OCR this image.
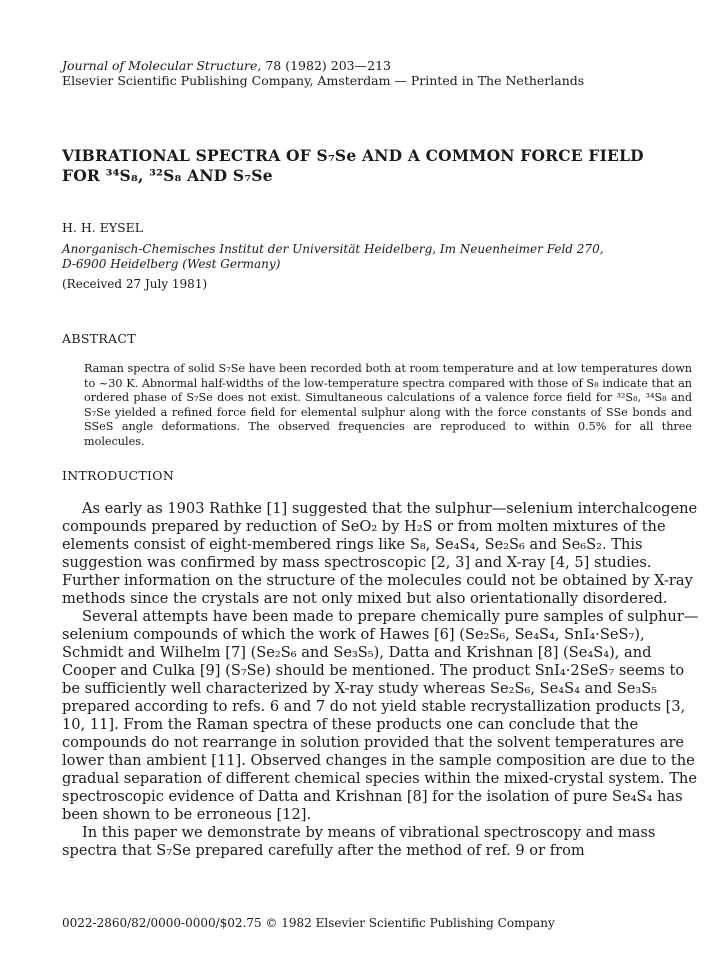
Journal of Molecular Structure, 78 (1982) 203—213
Elsevier Scientific Publishing Company, Amsterdam — Printed in The Netherlands
VIBRATIONAL SPECTRA OF S₇Se AND A COMMON FORCE FIELD
FOR ³⁴S₈, ³²S₈ AND S₇Se
H. H. EYSEL
Anorganisch-Chemisches Institut der Universität Heidelberg, Im Neuenheimer Feld 270,
D-6900 Heidelberg (West Germany)
(Received 27 July 1981)
ABSTRACT
Raman spectra of solid S₇Se have been recorded both at room temperature and at low temperatures down to ~30 K. Abnormal half-widths of the low-temperature spectra compared with those of S₈ indicate that an ordered phase of S₇Se does not exist. Simultaneous calculations of a valence force field for ³²S₈, ³⁴S₈ and S₇Se yielded a refined force field for elemental sulphur along with the force constants of SSe bonds and SSeS angle deformations. The observed frequencies are reproduced to within 0.5% for all three molecules.
INTRODUCTION

As early as 1903 Rathke [1] suggested that the sulphur—selenium interchalcogene compounds prepared by reduction of SeO₂ by H₂S or from molten mixtures of the elements consist of eight-membered rings like S₈, Se₄S₄, Se₂S₆ and Se₆S₂. This suggestion was confirmed by mass spectroscopic [2, 3] and X-ray [4, 5] studies. Further information on the structure of the molecules could not be obtained by X-ray methods since the crystals are not only mixed but also orientationally disordered.

Several attempts have been made to prepare chemically pure samples of sulphur—selenium compounds of which the work of Hawes [6] (Se₂S₆, Se₄S₄, SnI₄·SeS₇), Schmidt and Wilhelm [7] (Se₂S₆ and Se₃S₅), Datta and Krishnan [8] (Se₄S₄), and Cooper and Culka [9] (S₇Se) should be mentioned. The product SnI₄·2SeS₇ seems to be sufficiently well characterized by X-ray study whereas Se₂S₆, Se₄S₄ and Se₃S₅ prepared according to refs. 6 and 7 do not yield stable recrystallization products [3, 10, 11]. From the Raman spectra of these products one can conclude that the compounds do not rearrange in solution provided that the solvent temperatures are lower than ambient [11]. Observed changes in the sample composition are due to the gradual separation of different chemical species within the mixed-crystal system. The spectroscopic evidence of Datta and Krishnan [8] for the isolation of pure Se₄S₄ has been shown to be erroneous [12].

In this paper we demonstrate by means of vibrational spectroscopy and mass spectra that S₇Se prepared carefully after the method of ref. 9 or from

0022-2860/82/0000-0000/$02.75 © 1982 Elsevier Scientific Publishing Company
